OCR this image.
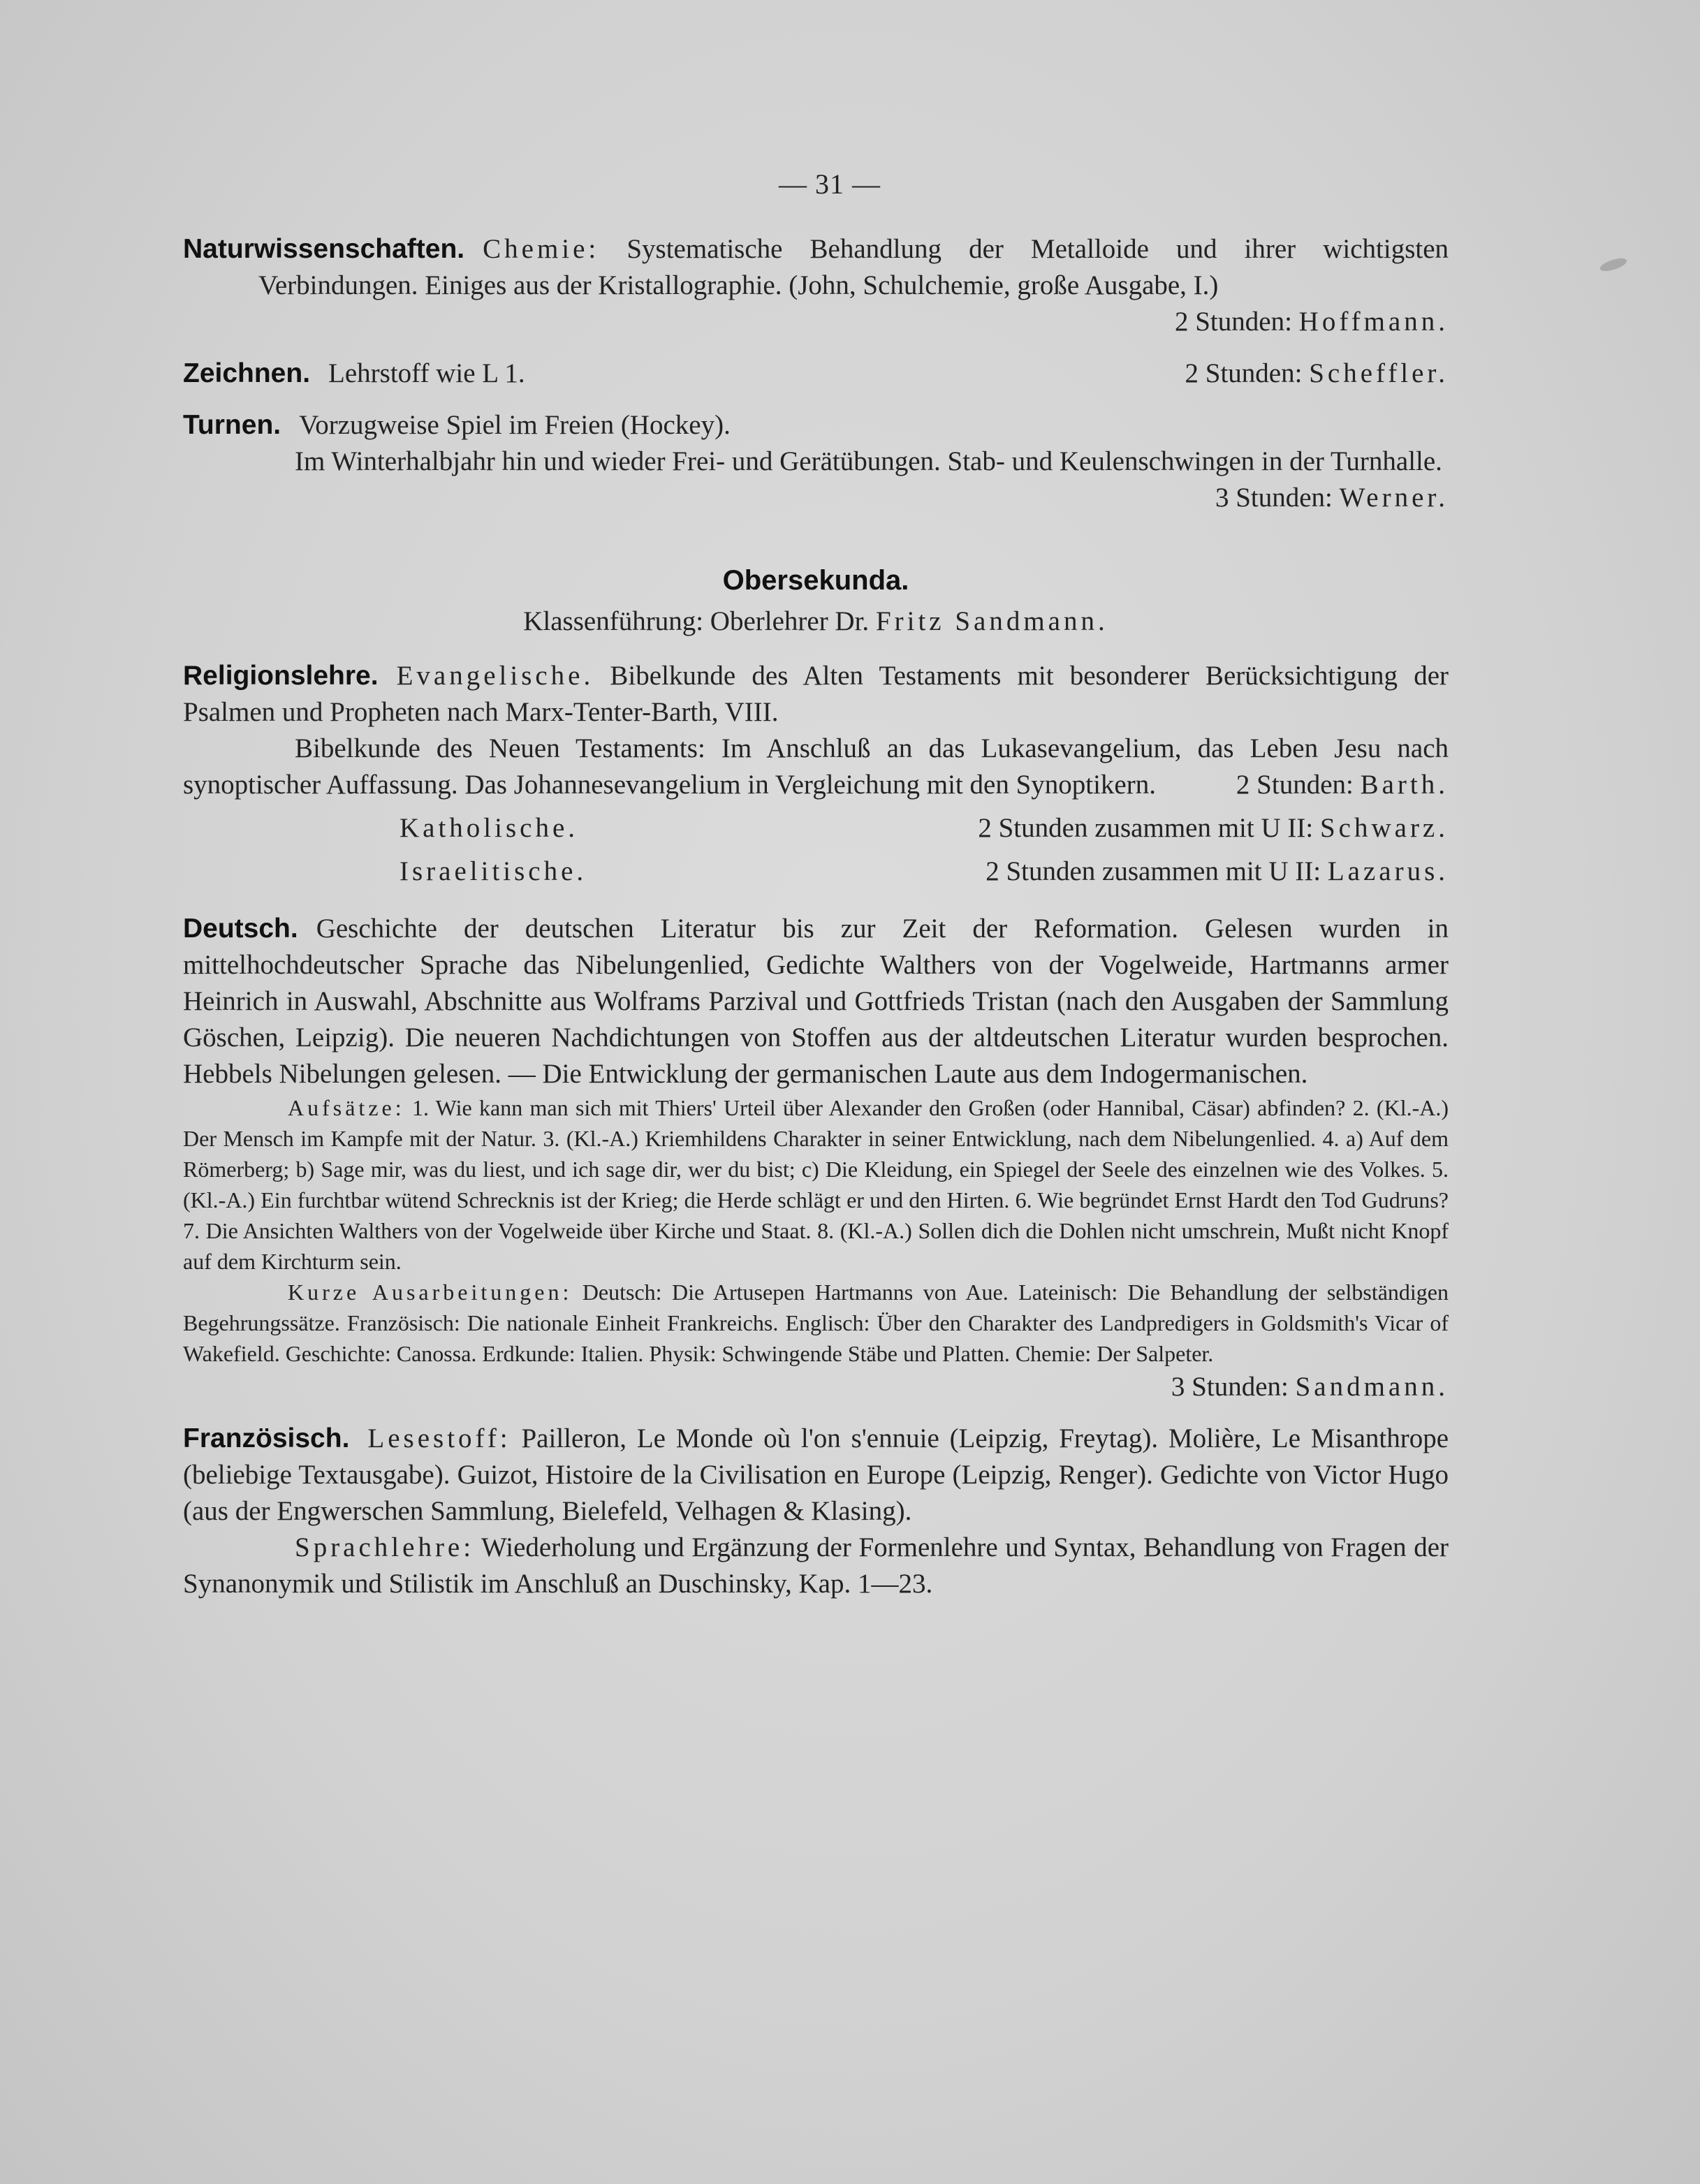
— 31 —

Naturwissenschaften. Chemie: Systematische Behandlung der Metalloide und ihrer wichtigsten Verbindungen. Einiges aus der Kristallographie. (John, Schulchemie, große Ausgabe, I.)
2 Stunden: Hoffmann.

Zeichnen. Lehrstoff wie L 1.	2 Stunden: Scheffler.

Turnen. Vorzugweise Spiel im Freien (Hockey).

Im Winterhalbjahr hin und wieder Frei- und Gerätübungen. Stab- und Keulenschwingen in der Turnhalle.
3 Stunden: Werner.

Obersekunda.
Klassenführung: Oberlehrer Dr. Fritz Sandmann.

Religionslehre. Evangelische. Bibelkunde des Alten Testaments mit besonderer Berücksichtigung der Psalmen und Propheten nach Marx-Tenter-Barth, VIII.

Bibelkunde des Neuen Testaments: Im Anschluß an das Lukasevangelium, das Leben Jesu nach synoptischer Auffassung. Das Johannesevangelium in Vergleichung mit den Synoptikern.	2 Stunden: Barth.

Katholische.	2 Stunden zusammen mit U II: Schwarz.
Israelitische.	2 Stunden zusammen mit U II: Lazarus.

Deutsch. Geschichte der deutschen Literatur bis zur Zeit der Reformation. Gelesen wurden in mittelhochdeutscher Sprache das Nibelungenlied, Gedichte Walthers von der Vogelweide, Hartmanns armer Heinrich in Auswahl, Abschnitte aus Wolframs Parzival und Gottfrieds Tristan (nach den Ausgaben der Sammlung Göschen, Leipzig). Die neueren Nachdichtungen von Stoffen aus der altdeutschen Literatur wurden besprochen. Hebbels Nibelungen gelesen. — Die Entwicklung der germanischen Laute aus dem Indogermanischen.

Aufsätze: 1. Wie kann man sich mit Thiers' Urteil über Alexander den Großen (oder Hannibal, Cäsar) abfinden? 2. (Kl.-A.) Der Mensch im Kampfe mit der Natur. 3. (Kl.-A.) Kriemhildens Charakter in seiner Entwicklung, nach dem Nibelungenlied. 4. a) Auf dem Römerberg; b) Sage mir, was du liest, und ich sage dir, wer du bist; c) Die Kleidung, ein Spiegel der Seele des einzelnen wie des Volkes. 5. (Kl.-A.) Ein furchtbar wütend Schrecknis ist der Krieg; die Herde schlägt er und den Hirten. 6. Wie begründet Ernst Hardt den Tod Gudruns? 7. Die Ansichten Walthers von der Vogelweide über Kirche und Staat. 8. (Kl.-A.) Sollen dich die Dohlen nicht umschrein, Mußt nicht Knopf auf dem Kirchturm sein.

Kurze Ausarbeitungen: Deutsch: Die Artusepen Hartmanns von Aue. Lateinisch: Die Behandlung der selbständigen Begehrungssätze. Französisch: Die nationale Einheit Frankreichs. Englisch: Über den Charakter des Landpredigers in Goldsmith's Vicar of Wakefield. Geschichte: Canossa. Erdkunde: Italien. Physik: Schwingende Stäbe und Platten. Chemie: Der Salpeter.
3 Stunden: Sandmann.

Französisch. Lesestoff: Pailleron, Le Monde où l'on s'ennuie (Leipzig, Freytag). Molière, Le Misanthrope (beliebige Textausgabe). Guizot, Histoire de la Civilisation en Europe (Leipzig, Renger). Gedichte von Victor Hugo (aus der Engwerschen Sammlung, Bielefeld, Velhagen & Klasing).

Sprachlehre: Wiederholung und Ergänzung der Formenlehre und Syntax, Behandlung von Fragen der Synanonymik und Stilistik im Anschluß an Duschinsky, Kap. 1—23.
